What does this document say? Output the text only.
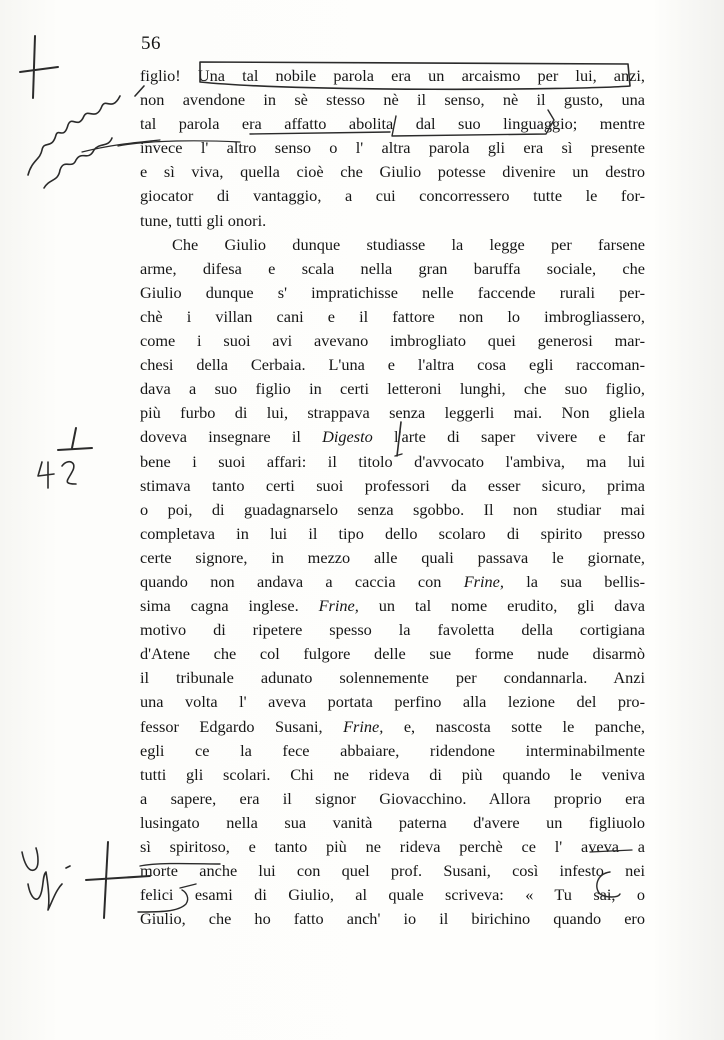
56
figlio! Una tal nobile parola era un arcaismo per lui, anzi,
non avendone in sè stesso nè il senso, nè il gusto, una
tal parola era affatto abolita dal suo linguaggio; mentre
invece l' altro senso o l' altra parola gli era sì presente
e sì viva, quella cioè che Giulio potesse divenire un destro
giocator di vantaggio, a cui concorressero tutte le for-
tune, tutti gli onori.
Che Giulio dunque studiasse la legge per farsene
arme, difesa e scala nella gran baruffa sociale, che
Giulio dunque s' impratichisse nelle faccende rurali per-
chè i villan cani e il fattore non lo imbrogliassero,
come i suoi avi avevano imbrogliato quei generosi mar-
chesi della Cerbaia. L'una e l'altra cosa egli raccoman-
dava a suo figlio in certi letteroni lunghi, che suo figlio,
più furbo di lui, strappava senza leggerli mai. Non gliela
doveva insegnare il Digesto l'arte di saper vivere e far
bene i suoi affari: il titolo d'avvocato l'ambiva, ma lui
stimava tanto certi suoi professori da esser sicuro, prima
o poi, di guadagnarselo senza sgobbo. Il non studiar mai
completava in lui il tipo dello scolaro di spirito presso
certe signore, in mezzo alle quali passava le giornate,
quando non andava a caccia con Frine, la sua bellis-
sima cagna inglese. Frine, un tal nome erudito, gli dava
motivo di ripetere spesso la favoletta della cortigiana
d'Atene che col fulgore delle sue forme nude disarmò
il tribunale adunato solennemente per condannarla. Anzi
una volta l' aveva portata perfino alla lezione del pro-
fessor Edgardo Susani, Frine, e, nascosta sotte le panche,
egli ce la fece abbaiare, ridendone interminabilmente
tutti gli scolari. Chi ne rideva di più quando le veniva
a sapere, era il signor Giovacchino. Allora proprio era
lusingato nella sua vanità paterna d'avere un figliuolo
sì spiritoso, e tanto più ne rideva perchè ce l' aveva a
morte anche lui con quel prof. Susani, così infesto nei
felici esami di Giulio, al quale scriveva: « Tu sai, o
Giulio, che ho fatto anch' io il birichino quando ero
